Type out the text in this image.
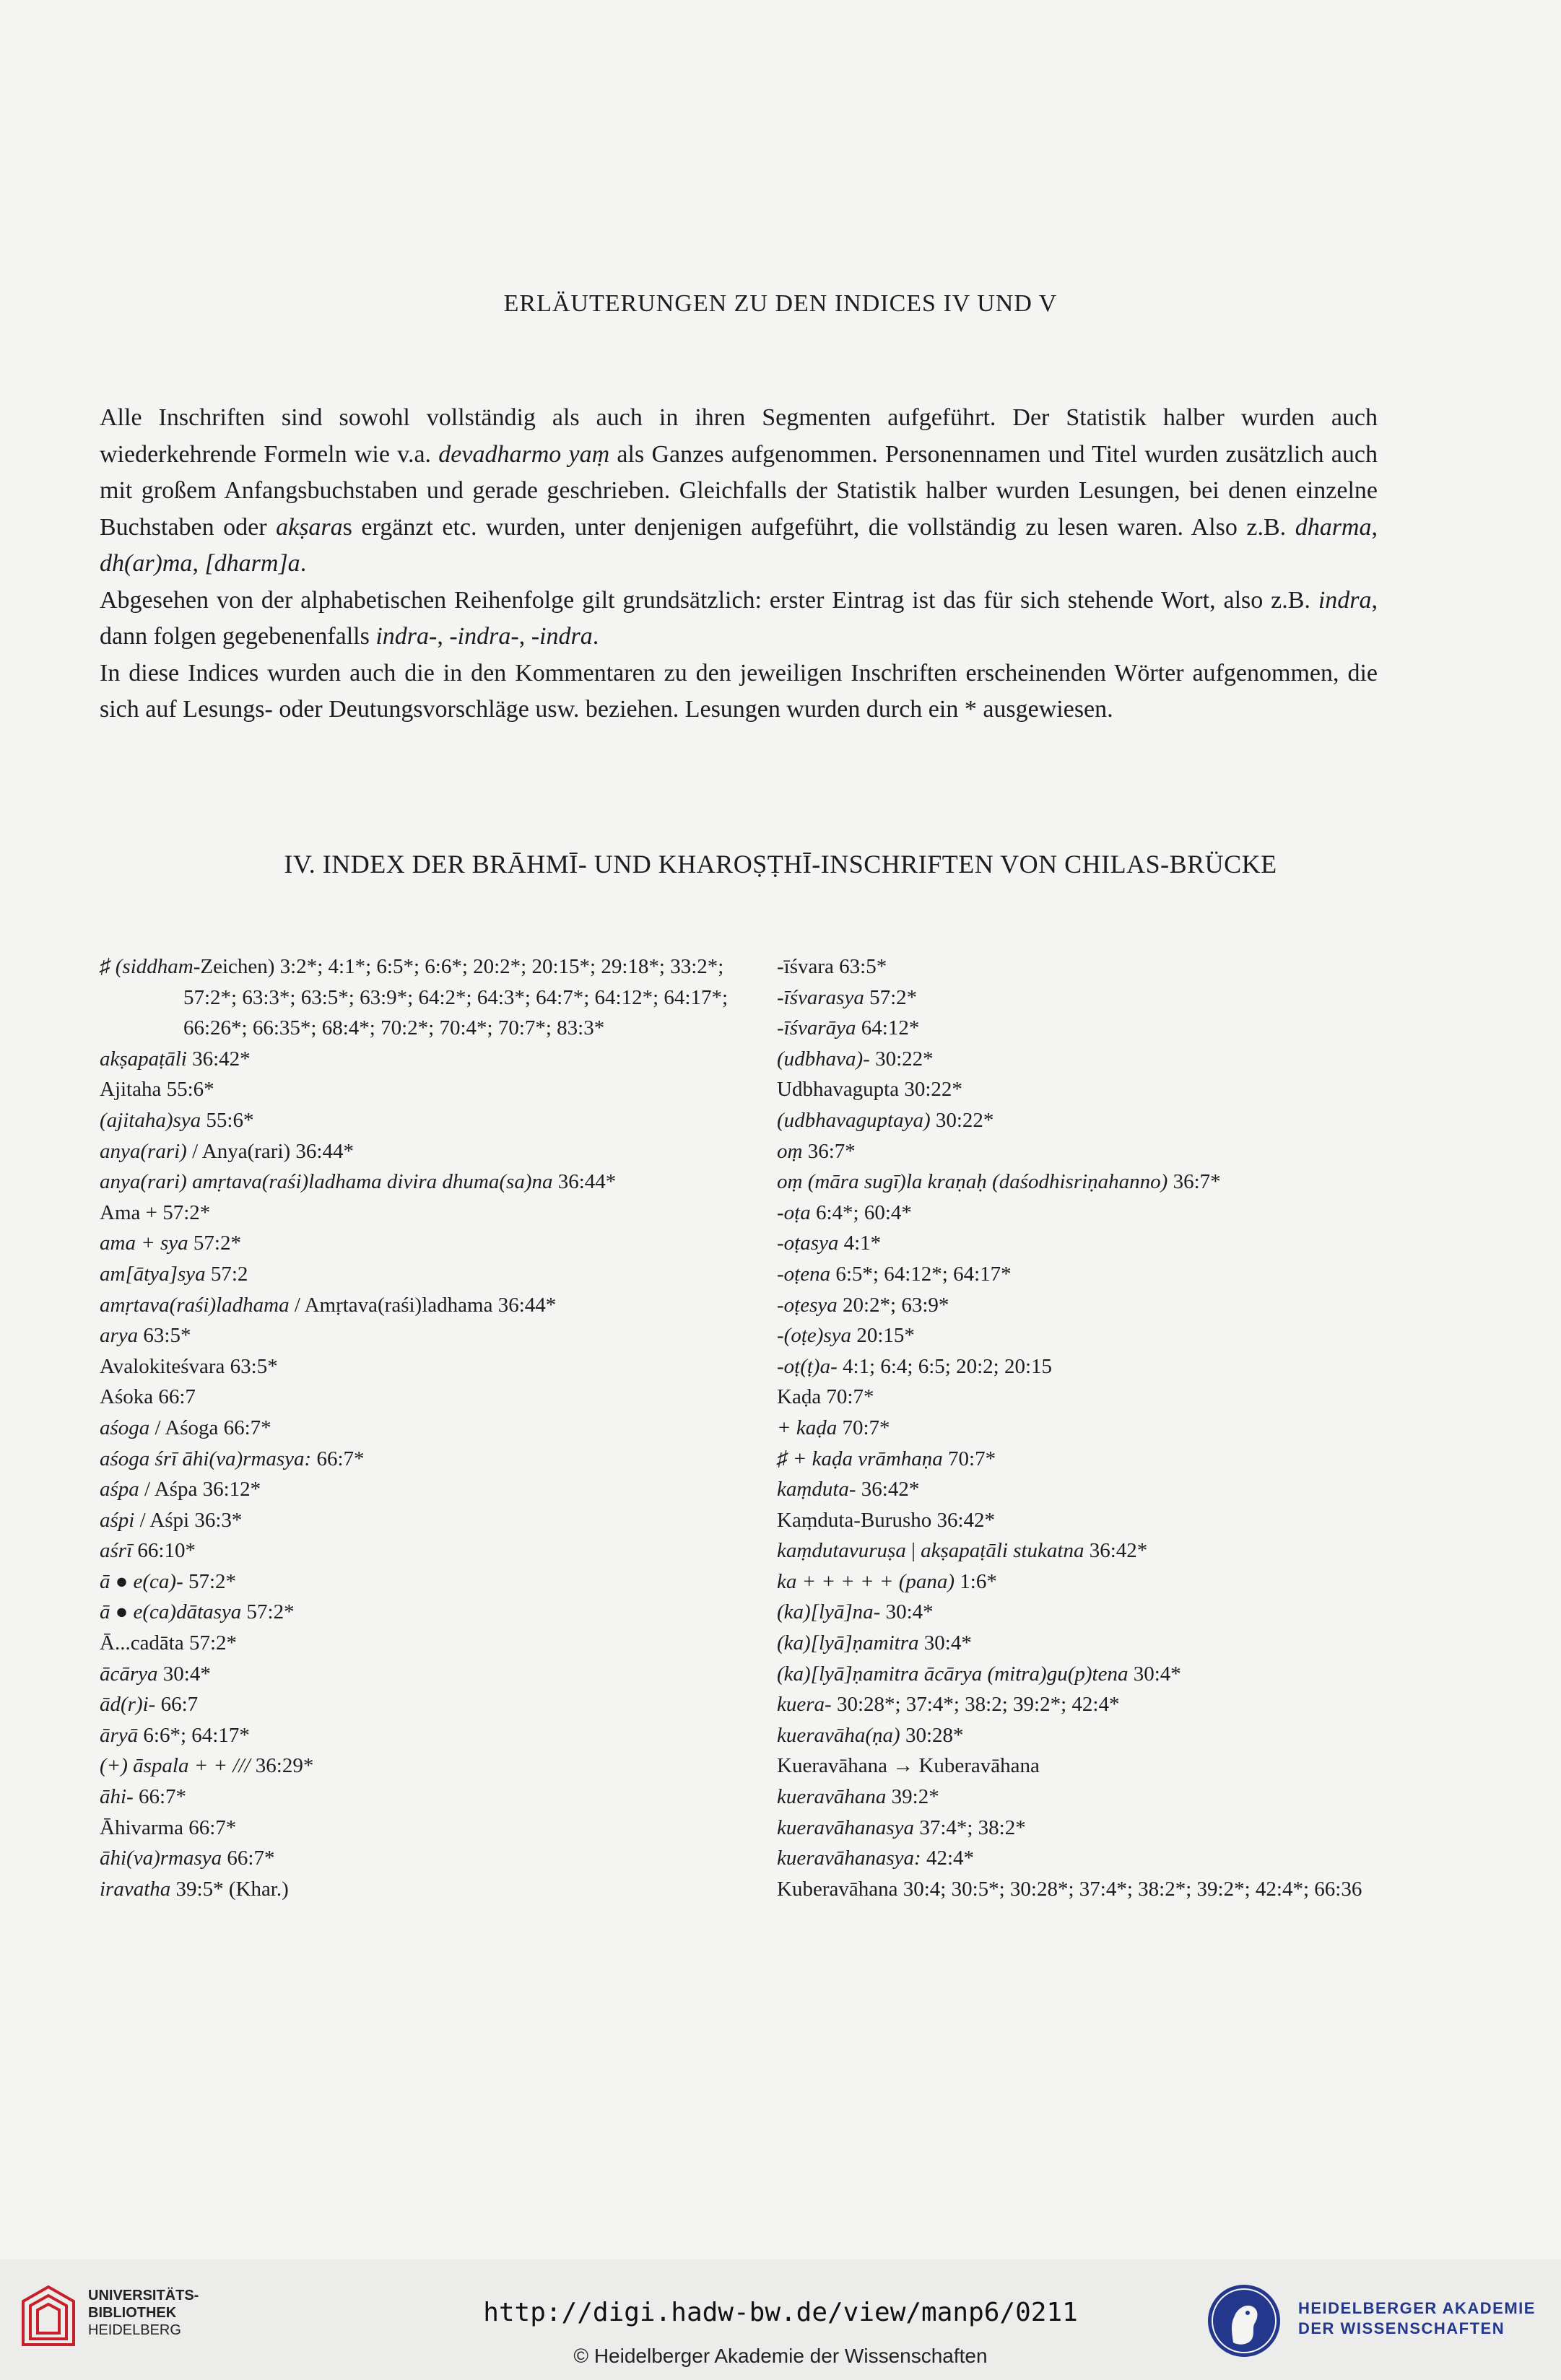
ERLÄUTERUNGEN ZU DEN INDICES IV UND V

Alle Inschriften sind sowohl vollständig als auch in ihren Segmenten aufgeführt. Der Statistik halber wurden auch wiederkehrende Formeln wie v.a. devadharmo yaṃ als Ganzes aufgenommen. Personennamen und Titel wurden zusätzlich auch mit großem Anfangsbuchstaben und gerade geschrieben. Gleichfalls der Statistik halber wurden Lesungen, bei denen einzelne Buchstaben oder akṣaras ergänzt etc. wurden, unter denjenigen aufgeführt, die vollständig zu lesen waren. Also z.B. dharma, dh(ar)ma, [dharm]a.

Abgesehen von der alphabetischen Reihenfolge gilt grundsätzlich: erster Eintrag ist das für sich stehende Wort, also z.B. indra, dann folgen gegebenenfalls indra-, -indra-, -indra.

In diese Indices wurden auch die in den Kommentaren zu den jeweiligen Inschriften erscheinenden Wörter aufgenommen, die sich auf Lesungs- oder Deutungsvorschläge usw. beziehen. Lesungen wurden durch ein * ausgewiesen.

IV. INDEX DER BRĀHMĪ- UND KHAROṢṬHĪ-INSCHRIFTEN VON CHILAS-BRÜCKE
♯ (siddham-Zeichen) 3:2*; 4:1*; 6:5*; 6:6*; 20:2*; 20:15*; 29:18*; 33:2*; 57:2*; 63:3*; 63:5*; 63:9*; 64:2*; 64:3*; 64:7*; 64:12*; 64:17*; 66:26*; 66:35*; 68:4*; 70:2*; 70:4*; 70:7*; 83:3*
akṣapaṭāli 36:42*
Ajitaha 55:6*
(ajitaha)sya 55:6*
anya(rari) / Anya(rari) 36:44*
anya(rari) amṛtava(raśi)ladhama divira dhuma(sa)na 36:44*
Ama + 57:2*
ama + sya 57:2*
am[ātya]sya 57:2
amṛtava(raśi)ladhama / Amṛtava(raśi)ladhama 36:44*
arya 63:5*
Avalokiteśvara 63:5*
Aśoka 66:7
aśoga / Aśoga 66:7*
aśoga śrī āhi(va)rmasya: 66:7*
aśpa / Aśpa 36:12*
aśpi / Aśpi 36:3*
aśrī 66:10*
ā ● e(ca)- 57:2*
ā ● e(ca)dātasya 57:2*
Ā...cadāta 57:2*
ācārya 30:4*
ād(r)i- 66:7
āryā 6:6*; 64:17*
(+) āspala + + /// 36:29*
āhi- 66:7*
Āhivarma 66:7*
āhi(va)rmasya 66:7*
iravatha 39:5* (Khar.)
-īśvara 63:5*
-īśvarasya 57:2*
-īśvarāya 64:12*
(udbhava)- 30:22*
Udbhavagupta 30:22*
(udbhavaguptaya) 30:22*
oṃ 36:7*
oṃ (māra sugī)la kraṇaḥ (daśodhisriṇahanno) 36:7*
-oṭa 6:4*; 60:4*
-oṭasya 4:1*
-oṭena 6:5*; 64:12*; 64:17*
-oṭesya 20:2*; 63:9*
-(oṭe)sya 20:15*
-oṭ(ṭ)a- 4:1; 6:4; 6:5; 20:2; 20:15
Kaḍa 70:7*
+ kaḍa 70:7*
♯ + kaḍa vrāmhaṇa 70:7*
kaṃduta- 36:42*
Kaṃduta-Burusho 36:42*
kaṃdutavuruṣa | akṣapaṭāli stukatna 36:42*
ka + + + + + (pana) 1:6*
(ka)[lyā]na- 30:4*
(ka)[lyā]ṇamitra 30:4*
(ka)[lyā]ṇamitra ācārya (mitra)gu(p)tena 30:4*
kuera- 30:28*; 37:4*; 38:2; 39:2*; 42:4*
kueravāha(ṇa) 30:28*
Kueravāhana → Kuberavāhana
kueravāhana 39:2*
kueravāhanasya 37:4*; 38:2*
kueravāhanasya: 42:4*
Kuberavāhana 30:4; 30:5*; 30:28*; 37:4*; 38:2*; 39:2*; 42:4*; 66:36
UNIVERSITÄTS-
BIBLIOTHEK
HEIDELBERG
http://digi.hadw-bw.de/view/manp6/0211
© Heidelberger Akademie der Wissenschaften
HEIDELBERGER AKADEMIE
DER WISSENSCHAFTEN
